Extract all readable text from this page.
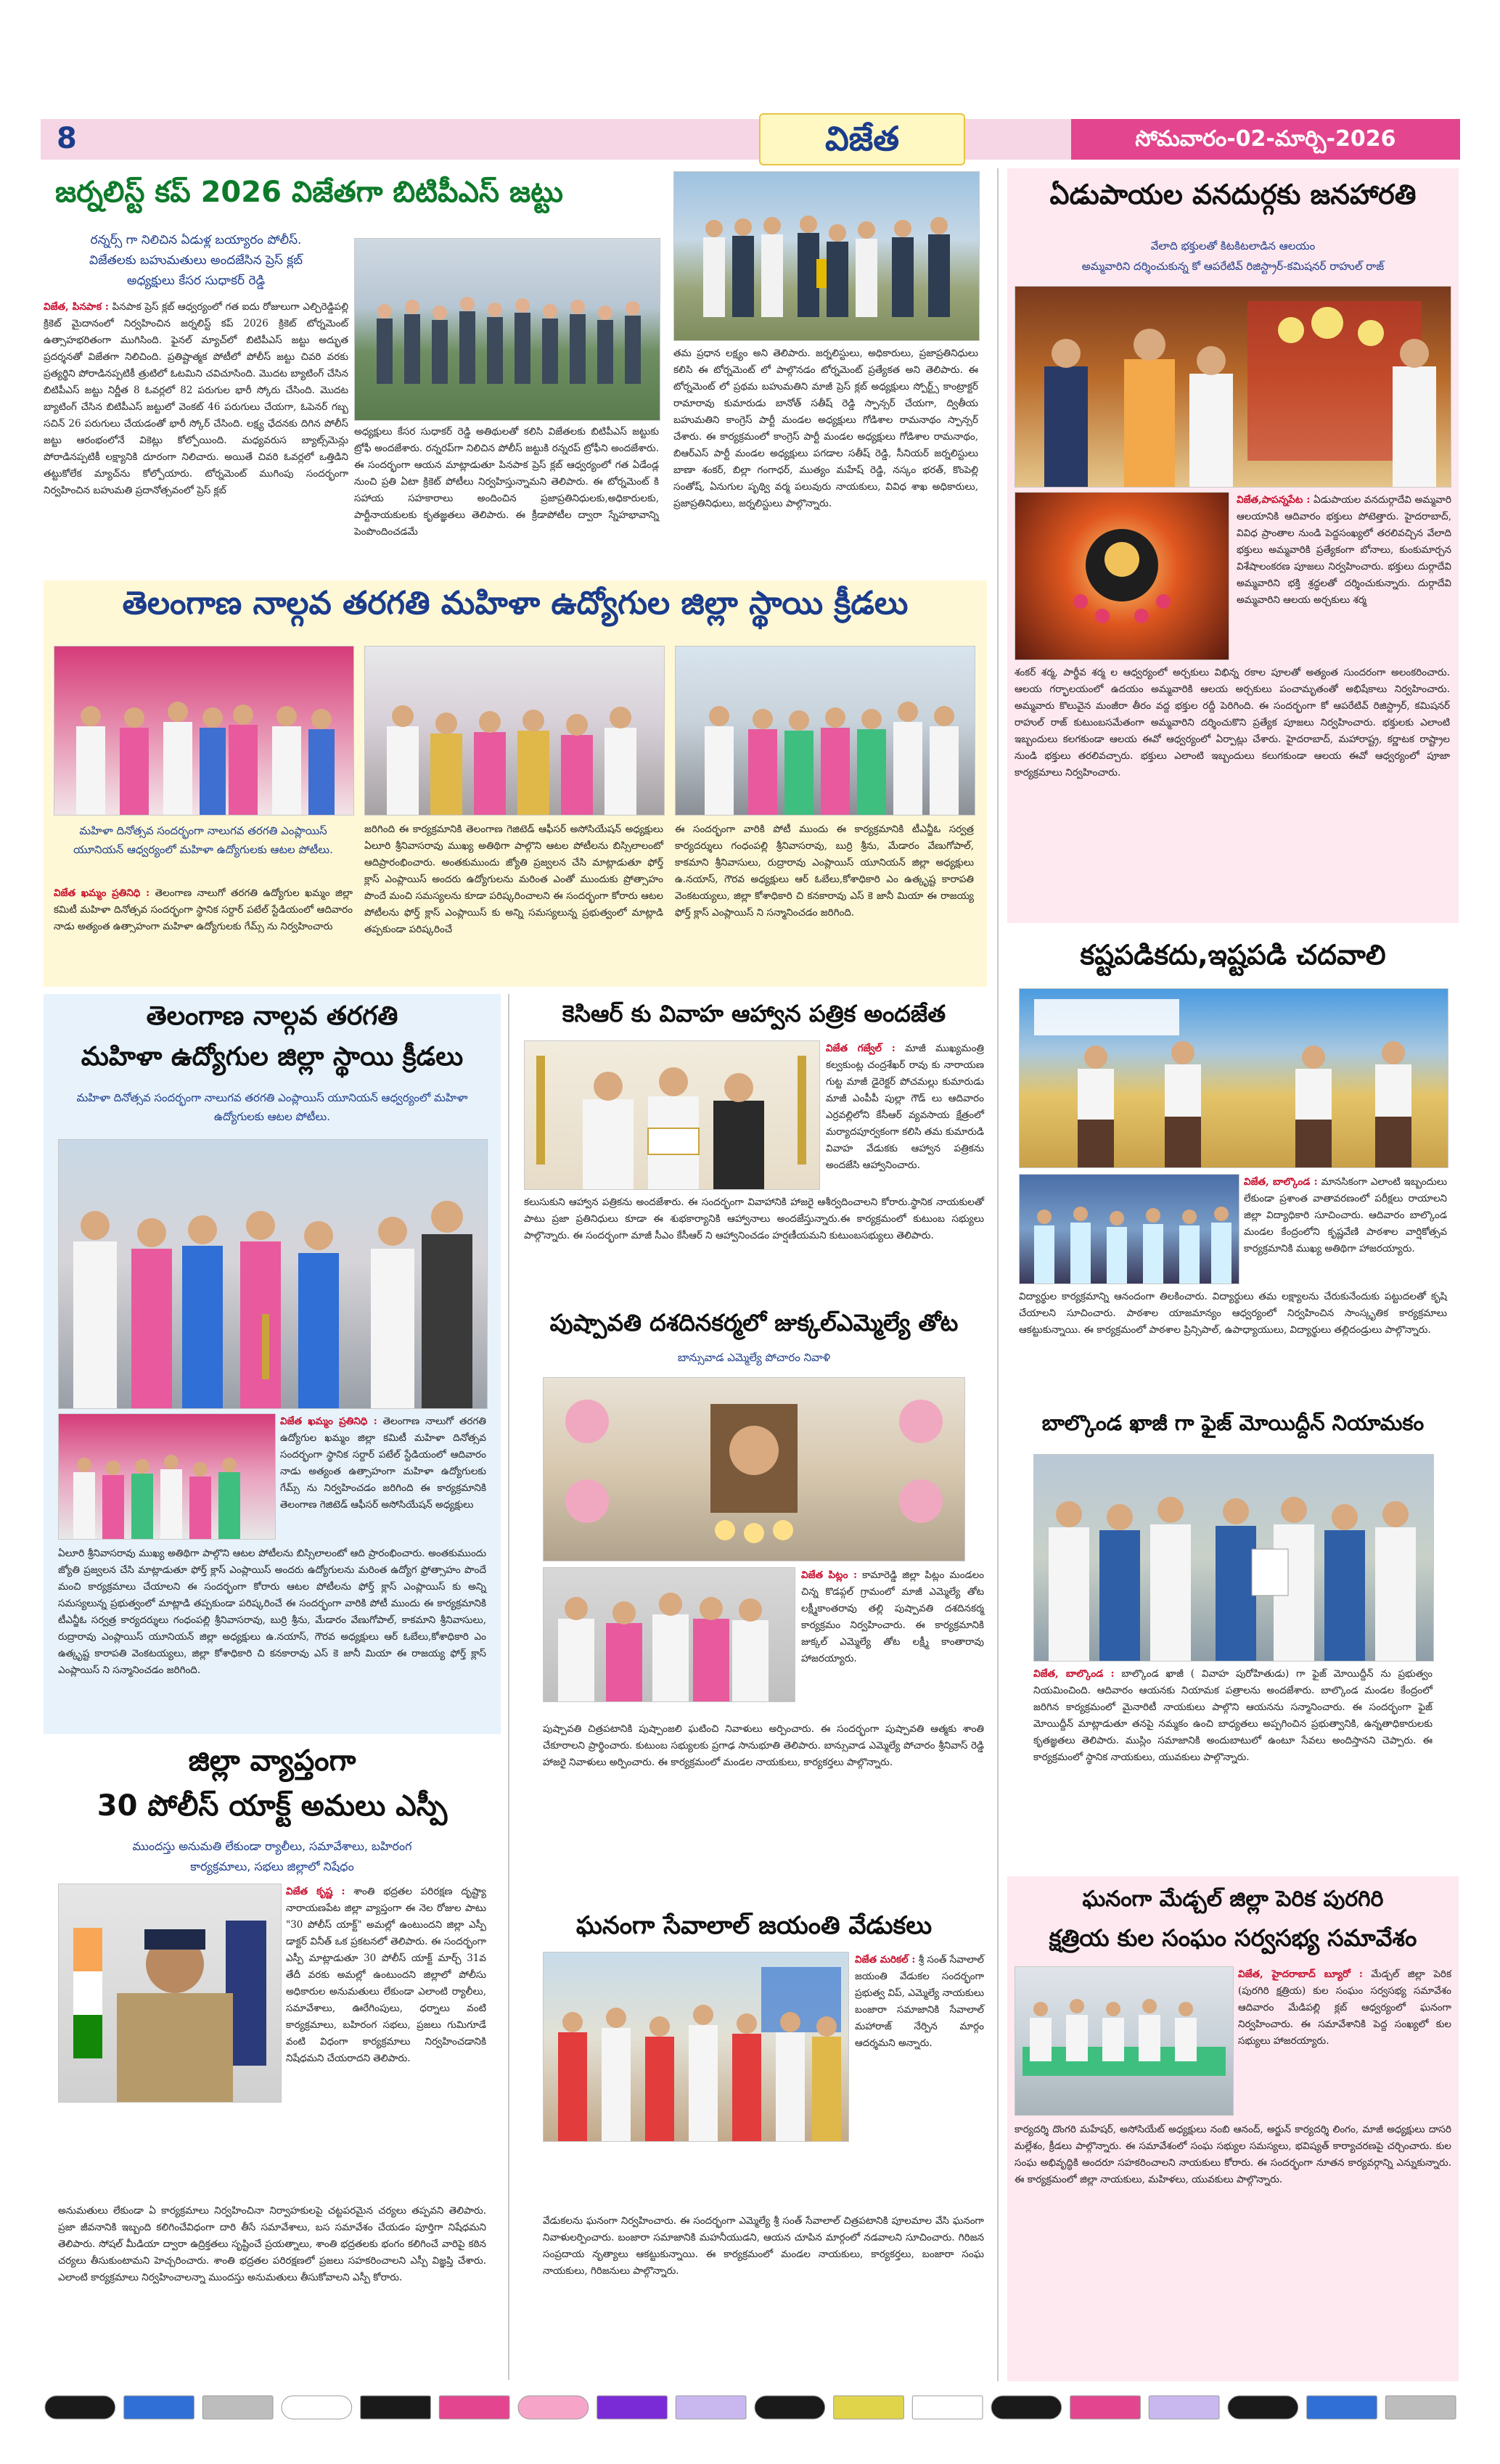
8	విజేత	సోమవారం-02-మార్చి-2026
జర్నలిస్ట్ కప్ 2026 విజేతగా బిటిపీఎస్ జట్టు
రన్నర్స్ గా నిలిచిన ఏడుళ్ల బయ్యారం పోలీస్.
విజేతలకు బహుమతులు అందజేసిన ప్రెస్ క్లబ్
అధ్యక్షులు కేసర సుధాకర్ రెడ్డి
విజేత, పినపాక : పినపాక ప్రెస్ క్లబ్ ఆధ్వర్యంలో గత ఐదు రోజులుగా ఎల్చిరెడ్డిపల్లి క్రికెట్ మైదానంలో నిర్వహించిన జర్నలిస్ట్ కప్ 2026 క్రికెట్ టోర్నమెంట్ ఉత్సాహభరితంగా ముగిసింది. ఫైనల్ మ్యాచ్‌లో బిటిపీఎస్ జట్టు అద్భుత ప్రదర్శనతో విజేతగా నిలిచింది. ప్రతిష్టాత్మక పోటీలో పోలీస్ జట్టు చివరి వరకు ప్రత్యర్థిని పోరాడినప్పటికీ త్రుటిలో ఓటమిని చవిచూసింది. మొదట బ్యాటింగ్ చేసిన బిటిపీఎస్ జట్టు నిర్ణీత 8 ఓవర్లలో 82 పరుగుల భారీ స్కోరు చేసింది. మొదట బ్యాటింగ్ చేసిన బిటిపీఎస్ జట్టులో వెంకట్ 46 పరుగులు చేయగా, ఓపెనర్ గబ్బ సచిన్ 26 పరుగులు చేయడంతో భారీ స్కోర్ చేసింది. లక్ష్య ఛేదనకు దిగిన పోలీస్ జట్టు ఆరంభంలోనే వికెట్లు కోల్పోయింది. మధ్యవరుస బ్యాట్స్‌మెన్లు పోరాడినప్పటికీ లక్ష్యానికి దూరంగా నిలిచారు. అయితే చివరి ఓవర్లలో ఒత్తిడిని తట్టుకోలేక మ్యాచ్‌ను కోల్పోయారు. టోర్నమెంట్ ముగింపు సందర్భంగా నిర్వహించిన బహుమతి ప్రదానోత్సవంలో ప్రెస్ క్లబ్
అధ్యక్షులు కేసర సుధాకర్ రెడ్డి అతిథులతో కలిసి విజేతలకు బిటిపీఎస్ జట్టుకు ట్రోఫీ అందజేశారు. రన్నరప్‌గా నిలిచిన పోలీస్ జట్టుకి రన్నరప్ ట్రోఫీని అందజేశారు. ఈ సందర్భంగా ఆయన మాట్లాడుతూ పినపాక ప్రెస్ క్లబ్ ఆధ్వర్యంలో గత ఏడేండ్ల నుంచి ప్రతి ఏటా క్రికెట్ పోటీలు నిర్వహిస్తున్నామని తెలిపారు. ఈ టోర్నమెంట్ కి సహాయ సహకారాలు అందించిన ప్రజాప్రతినిధులకు,అధికారులకు, పార్టీనాయకులకు కృతజ్ఞతలు తెలిపారు. ఈ క్రీడాపోటీల ద్వారా స్నేహభావాన్ని పెంపొందించడమే
తమ ప్రధాన లక్ష్యం అని తెలిపారు. జర్నలిస్టులు, అధికారులు, ప్రజాప్రతినిధులు కలిసి ఈ టోర్నమెంట్ లో పాల్గొనడం టోర్నమెంట్ ప్రత్యేకత అని తెలిపారు. ఈ టోర్నమెంట్ లో ప్రథమ బహుమతిని మాజీ ప్రెస్ క్లబ్ అధ్యక్షులు స్పోర్ట్స్ కాంట్రాక్టర్ రామారావు కుమారుడు బానోత్ సతీష్ రెడ్డి స్పాన్సర్ చేయగా, ద్వితీయ బహుమతిని కాంగ్రెస్ పార్టీ మండల అధ్యక్షులు గోడిశాల రామనాథం స్పాన్సర్ చేశారు. ఈ కార్యక్రమంలో కాంగ్రెస్ పార్టీ మండల అధ్యక్షులు గోడిశాల రామనాథం, బిఆర్ఎస్ పార్టీ మండల అధ్యక్షులు పగడాల సతీష్ రెడ్డి, సీనియర్ జర్నలిస్టులు బాణా శంకర్, బిల్లా గంగాధర్, ముత్యం మహేష్ రెడ్డి, నస్కం భరత్, కొంపెల్లి సంతోష్, ఏనుగుల పృథ్వి వర్మ పలువురు నాయకులు, వివిధ శాఖ అధికారులు, ప్రజాప్రతినిధులు, జర్నలిస్టులు పాల్గొన్నారు.
ఏడుపాయల వనదుర్గకు జనహారతి
వేలాది భక్తులతో కిటకిటలాడిన ఆలయం
అమ్మవారిని దర్శించుకున్న కో ఆపరేటివ్ రిజిస్ట్రార్-కమిషనర్ రాహుల్ రాజ్
విజేత,పాపన్నపేట : ఏడుపాయల వనదుర్గాదేవి అమ్మవారి ఆలయానికి ఆదివారం భక్తులు పోటెత్తారు. హైదరాబాద్, వివిధ ప్రాంతాల నుండి పెద్దసంఖ్యలో తరలివచ్చిన వేలాది భక్తులు అమ్మవారికి ప్రత్యేకంగా బోనాలు, కుంకుమార్చన విశేషాలంకరణ పూజలు నిర్వహించారు. భక్తులు దుర్గాదేవి అమ్మవారిని భక్తి శ్రద్ధలతో దర్శించుకున్నారు. దుర్గాదేవి అమ్మవారిని ఆలయ అర్చకులు శర్మ
శంకర్ శర్మ, పార్థీవ శర్మ ల ఆధ్వర్యంలో అర్చకులు విభిన్న రకాల పూలతో అత్యంత సుందరంగా అలంకరించారు. ఆలయ గర్భాలయంలో ఉదయం అమ్మవారికి ఆలయ అర్చకులు పంచామృతంతో అభిషేకాలు నిర్వహించారు. అమ్మవారు కొలువైన మంజీరా తీరం వద్ద భక్తుల రద్దీ పెరిగింది. ఈ సందర్భంగా కో ఆపరేటివ్ రిజిస్ట్రార్, కమిషనర్ రాహుల్ రాజ్ కుటుంబసమేతంగా అమ్మవారిని దర్శించుకొని ప్రత్యేక పూజలు నిర్వహించారు. భక్తులకు ఎలాంటి ఇబ్బందులు కలగకుండా ఆలయ ఈవో ఆధ్వర్యంలో ఏర్పాట్లు చేశారు. హైదరాబాద్, మహారాష్ట్ర, కర్ణాటక రాష్ట్రాల నుండి భక్తులు తరలివచ్చారు. భక్తులు ఎలాంటి ఇబ్బందులు కలుగకుండా ఆలయ ఈవో ఆధ్వర్యంలో పూజా కార్యక్రమాలు నిర్వహించారు.
తెలంగాణ నాల్గవ తరగతి మహిళా ఉద్యోగుల జిల్లా స్థాయి క్రీడలు
మహిళా దినోత్సవ సందర్భంగా నాలుగవ తరగతి ఎంప్లాయిస్ యూనియన్ ఆధ్వర్యంలో మహిళా ఉద్యోగులకు ఆటల పోటీలు.
విజేత ఖమ్మం ప్రతినిధి : తెలంగాణ నాలుగో తరగతి ఉద్యోగుల ఖమ్మం జిల్లా కమిటీ మహిళా దినోత్సవ సందర్భంగా స్థానిక సర్దార్ పటేల్ స్టేడియంలో ఆదివారం నాడు అత్యంత ఉత్సాహంగా మహిళా ఉద్యోగులకు గేమ్స్ ను నిర్వహించారు
జరిగింది ఈ కార్యక్రమానికి తెలంగాణ గెజిటెడ్ ఆఫీసర్ అసోసియేషన్ అధ్యక్షులు ఏలూరి శ్రీనివాసరావు ముఖ్య అతిథిగా పాల్గొని ఆటల పోటీలను బిస్సిలాలంటో ఆదిప్రారంభించారు. అంతకుముందు జ్యోతి ప్రజ్వలన చేసి మాట్లాడుతూ ఫోర్త్ క్లాస్ ఎంప్లాయిస్ అందరు ఉద్యోగులను మరింత ఎంతో ముందుకు ప్రోత్సాహం పొందే మంచి సమస్యలను కూడా పరిష్కరించాలని ఈ సందర్భంగా కోరారు ఆటల పోటీలను ఫోర్త్ క్లాస్ ఎంప్లాయిస్ కు అన్ని సమస్యలున్న ప్రభుత్వంలో మాట్లాడి తప్పకుండా పరిష్కరించే
ఈ సందర్భంగా వారికి పోటీ ముందు ఈ కార్యక్రమానికి టీఎన్జీఓ సర్వత్ర కార్యదర్శులు గంధంపల్లి శ్రీనివాసరావు, బుర్రి శ్రీను, మేడారం వేణుగోపాల్, కాకమాని శ్రీనివాసులు, రుద్రారావు ఎంప్లాయిస్ యూనియన్ జిల్లా అధ్యక్షులు ఉ.నయాస్, గౌరవ అధ్యక్షులు ఆర్ ఓబేలు,కోశాధికారి ఎం ఉత్కృష్ట కారాపతి వెంకటయ్యలు, జిల్లా కోశాధికారి చి కనకారావు ఎస్ కె జానీ మియా ఈ రాజయ్య ఫోర్త్ క్లాస్ ఎంప్లాయిస్ ని సన్మానించడం జరిగింది.
తెలంగాణ నాల్గవ తరగతి
మహిళా ఉద్యోగుల జిల్లా స్థాయి క్రీడలు
మహిళా దినోత్సవ సందర్భంగా నాలుగవ తరగతి ఎంప్లాయిస్ యూనియన్ ఆధ్వర్యంలో మహిళా ఉద్యోగులకు ఆటల పోటీలు.
విజేత ఖమ్మం ప్రతినిధి : తెలంగాణ నాలుగో తరగతి ఉద్యోగుల ఖమ్మం జిల్లా కమిటీ మహిళా దినోత్సవ సందర్భంగా స్థానిక సర్దార్ పటేల్ స్టేడియంలో ఆదివారం నాడు అత్యంత ఉత్సాహంగా మహిళా ఉద్యోగులకు గేమ్స్ ను నిర్వహించడం జరిగింది ఈ కార్యక్రమానికి తెలంగాణ గెజిటెడ్ ఆఫీసర్ అసోసియేషన్ అధ్యక్షులు
ఏలూరి శ్రీనివాసరావు ముఖ్య అతిథిగా పాల్గొని ఆటల పోటీలను బిస్సిలాలంటో ఆది ప్రారంభించారు. అంతకుముందు జ్యోతి ప్రజ్వలన చేసి మాట్లాడుతూ ఫోర్త్ క్లాస్ ఎంప్లాయిస్ అందరు ఉద్యోగులను మరింత ఉద్యోగ ఫ్రోత్సాహం పొందే మంచి కార్యక్రమాలు చేయాలని ఈ సందర్భంగా కోరారు ఆటల పోటీలను ఫోర్త్ క్లాస్ ఎంప్లాయిస్ కు అన్ని సమస్యలున్న ప్రభుత్వంలో మాట్లాడి తప్పకుండా పరిష్కరించే ఈ సందర్భంగా వారికి పోటీ ముందు ఈ కార్యక్రమానికి టీఎన్జీఓ సర్వత్ర కార్యదర్శులు గంధంపల్లి శ్రీనివాసరావు, బుర్రి శ్రీను, మేడారం వేణుగోపాల్, కాకమాని శ్రీనివాసులు, రుద్రారావు ఎంప్లాయిస్ యూనియన్ జిల్లా అధ్యక్షులు ఉ.నయాస్, గౌరవ అధ్యక్షులు ఆర్ ఓబేలు,కోశాధికారి ఎం ఉత్కృష్ట కారాపతి వెంకటయ్యలు, జిల్లా కోశాధికారి చి కనకారావు ఎస్ కె జానీ మియా ఈ రాజయ్య ఫోర్త్ క్లాస్ ఎంప్లాయిస్ ని సన్మానించడం జరిగింది.
జిల్లా వ్యాప్తంగా
30 పోలీస్ యాక్ట్ అమలు ఎస్పీ
ముందస్తు అనుమతి లేకుండా ర్యాలీలు, సమావేశాలు, బహిరంగ
కార్యక్రమాలు, సభలు జిల్లాలో నిషేధం
విజేత కృష్ణ : శాంతి భద్రతల పరిరక్షణ దృష్ట్యా నారాయణపేట జిల్లా వ్యాప్తంగా ఈ నెల రోజుల పాటు "30 పోలీస్ యాక్ట్" అమల్లో ఉంటుందని జిల్లా ఎస్పీ డాక్టర్ వినీత్ ఒక ప్రకటనలో తెలిపారు. ఈ సందర్భంగా ఎస్పీ మాట్లాడుతూ 30 పోలీస్ యాక్ట్ మార్చ్ 31వ తేదీ వరకు అమల్లో ఉంటుందని జిల్లాలో పోలీసు అధికారుల అనుమతులు లేకుండా ఎలాంటి ర్యాలీలు, సమావేశాలు, ఊరేగింపులు, ధర్నాలు వంటి కార్యక్రమాలు, బహిరంగ సభలు, ప్రజలు గుమిగూడే వంటి విధంగా కార్యక్రమాలు నిర్వహించడానికి నిషేధమని చేయరాదని తెలిపారు.
అనుమతులు లేకుండా ఏ కార్యక్రమాలు నిర్వహించినా నిర్వాహకులపై చట్టపరమైన చర్యలు తప్పవని తెలిపారు. ప్రజా జీవనానికి ఇబ్బంది కలిగించేవిధంగా దారి తీసే సమావేశాలు, బస సమావేశం చేయడం పూర్తిగా నిషేధమని తెలిపారు. సోషల్ మీడియా ద్వారా ఉద్రిక్తతలు సృష్టించే ప్రయత్నాలు, శాంతి భద్రతలకు భంగం కలిగించే వారిపై కఠిన చర్యలు తీసుకుంటామని హెచ్చరించారు. శాంతి భద్రతల పరిరక్షణలో ప్రజలు సహకరించాలని ఎస్పీ విజ్ఞప్తి చేశారు. ఎలాంటి కార్యక్రమాలు నిర్వహించాలన్నా ముందస్తు అనుమతులు తీసుకోవాలని ఎస్పీ కోరారు.
కెసిఆర్ కు వివాహ ఆహ్వాన పత్రిక అందజేత
విజేత గజ్వేల్ : మాజీ ముఖ్యమంత్రి కల్వకుంట్ల చంద్రశేఖర్ రావు కు నారాయణ గుట్ట మాజీ డైరెక్టర్ పోచమల్లు కుమారుడు మాజీ ఎంపీపీ పుల్లా గౌడ్ లు ఆదివారం ఎర్రవల్లిలోని కేసీఆర్ వ్యవసాయ క్షేత్రంలో మర్యాదపూర్వకంగా కలిసి తమ కుమారుడి వివాహ వేడుకకు ఆహ్వాన పత్రికను అందజేసి ఆహ్వానించారు.
కలుసుకుని ఆహ్వాన పత్రికను అందజేశారు. ఈ సందర్భంగా వివాహానికి హాజరై ఆశీర్వదించాలని కోరారు.స్థానిక నాయకులతో పాటు ప్రజా ప్రతినిధులు కూడా ఈ శుభకార్యానికి ఆహ్వానాలు అందజేస్తున్నారు.ఈ కార్యక్రమంలో కుటుంబ సభ్యులు పాల్గొన్నారు. ఈ సందర్భంగా మాజీ సీఎం కేసీఆర్ ని ఆహ్వానించడం హర్షణీయమని కుటుంబసభ్యులు తెలిపారు.
పుష్పావతి దశదినకర్మలో జుక్కల్ఎమ్మెల్యే తోట
బాన్సువాడ ఎమ్మెల్యే పోచారం నివాళి
విజేత పిట్లం : కామారెడ్డి జిల్లా పిట్లం మండలం చిన్న కొడప్గల్ గ్రామంలో మాజీ ఎమ్మెల్యే తోట లక్ష్మీకాంతరావు తల్లి పుష్పావతి దశదినకర్మ కార్యక్రమం నిర్వహించారు. ఈ కార్యక్రమానికి జుక్కల్ ఎమ్మెల్యే తోట లక్ష్మీ కాంతారావు హాజరయ్యారు.
పుష్పావతి చిత్రపటానికి పుష్పాంజలి ఘటించి నివాళులు అర్పించారు. ఈ సందర్భంగా పుష్పావతి ఆత్మకు శాంతి చేకూరాలని ప్రార్థించారు. కుటుంబ సభ్యులకు ప్రగాఢ సానుభూతి తెలిపారు. బాన్సువాడ ఎమ్మెల్యే పోచారం శ్రీనివాస్ రెడ్డి హాజరై నివాళులు అర్పించారు. ఈ కార్యక్రమంలో మండల నాయకులు, కార్యకర్తలు పాల్గొన్నారు.
ఘనంగా సేవాలాల్ జయంతి వేడుకలు
విజేత మరికల్ : శ్రీ సంత్ సేవాలాల్ జయంతి వేడుకల సందర్భంగా ప్రభుత్వ విప్, ఎమ్మెల్యే నాయకులు బంజారా సమాజానికి సేవాలాల్ మహారాజ్ నేర్పిన మార్గం ఆదర్శమని అన్నారు.
వేడుకలను ఘనంగా నిర్వహించారు. ఈ సందర్భంగా ఎమ్మెల్యే శ్రీ సంత్ సేవాలాల్ చిత్రపటానికి పూలమాల వేసి ఘనంగా నివాళులర్పించారు. బంజారా సమాజానికి మహనీయుడని, ఆయన చూపిన మార్గంలో నడవాలని సూచించారు. గిరిజన సంప్రదాయ నృత్యాలు ఆకట్టుకున్నాయి. ఈ కార్యక్రమంలో మండల నాయకులు, కార్యకర్తలు, బంజారా సంఘ నాయకులు, గిరిజనులు పాల్గొన్నారు.
కష్టపడికదు,ఇష్టపడి చదవాలి
విజేత, బాల్కొండ : మానసికంగా ఎలాంటి ఇబ్బందులు లేకుండా ప్రశాంత వాతావరణంలో పరీక్షలు రాయాలని జిల్లా విద్యాధికారి సూచించారు. ఆదివారం బాల్కొండ మండల కేంద్రంలోని కృష్ణవేణి పాఠశాల వార్షికోత్సవ కార్యక్రమానికి ముఖ్య అతిథిగా హాజరయ్యారు.
విద్యార్థుల కార్యక్రమాన్ని ఆనందంగా తిలకించారు. విద్యార్థులు తమ లక్ష్యాలను చేరుకునేందుకు పట్టుదలతో కృషి చేయాలని సూచించారు. పాఠశాల యాజమాన్యం ఆధ్వర్యంలో నిర్వహించిన సాంస్కృతిక కార్యక్రమాలు ఆకట్టుకున్నాయి. ఈ కార్యక్రమంలో పాఠశాల ప్రిన్సిపాల్, ఉపాధ్యాయులు, విద్యార్థులు తల్లిదండ్రులు పాల్గొన్నారు.
బాల్కొండ ఖాజీ గా ఫైజ్ మోయిద్దీన్ నియామకం
విజేత, బాల్కొండ : బాల్కొండ ఖాజీ ( వివాహ పురోహితుడు) గా ఫైజ్ మోయిద్దీన్ ను ప్రభుత్వం నియమించింది. ఆదివారం ఆయనకు నియామక పత్రాలను అందజేశారు. బాల్కొండ మండల కేంద్రంలో జరిగిన కార్యక్రమంలో మైనారిటీ నాయకులు పాల్గొని ఆయనను సన్మానించారు. ఈ సందర్భంగా ఫైజ్ మోయిద్దీన్ మాట్లాడుతూ తనపై నమ్మకం ఉంచి బాధ్యతలు అప్పగించిన ప్రభుత్వానికి, ఉన్నతాధికారులకు కృతజ్ఞతలు తెలిపారు. ముస్లిం సమాజానికి అందుబాటులో ఉంటూ సేవలు అందిస్తానని చెప్పారు. ఈ కార్యక్రమంలో స్థానిక నాయకులు, యువకులు పాల్గొన్నారు.
ఘనంగా మేడ్చల్ జిల్లా పెరిక పురగిరి
క్షత్రియ కుల సంఘం సర్వసభ్య సమావేశం
విజేత, హైదరాబాద్ బ్యూరో : మేడ్చల్ జిల్లా పెరిక (పురగిరి క్షత్రియ) కుల సంఘం సర్వసభ్య సమావేశం ఆదివారం మేడిపల్లి క్లబ్ ఆధ్వర్యంలో ఘనంగా నిర్వహించారు. ఈ సమావేశానికి పెద్ద సంఖ్యలో కుల సభ్యులు హాజరయ్యారు.
కార్యదర్శి దొంగరి మహేషర్, అసోసియేట్ అధ్యక్షులు నంబి ఆనంద్, అర్జున్ కార్యదర్శి లింగం, మాజీ అధ్యక్షులు దాసరి మల్లేశం, క్రీడలు పాల్గొన్నారు. ఈ సమావేశంలో సంఘ సభ్యుల సమస్యలు, భవిష్యత్ కార్యాచరణపై చర్చించారు. కుల సంఘ అభివృద్ధికి అందరూ సహకరించాలని నాయకులు కోరారు. ఈ సందర్భంగా నూతన కార్యవర్గాన్ని ఎన్నుకున్నారు. ఈ కార్యక్రమంలో జిల్లా నాయకులు, మహిళలు, యువకులు పాల్గొన్నారు.
